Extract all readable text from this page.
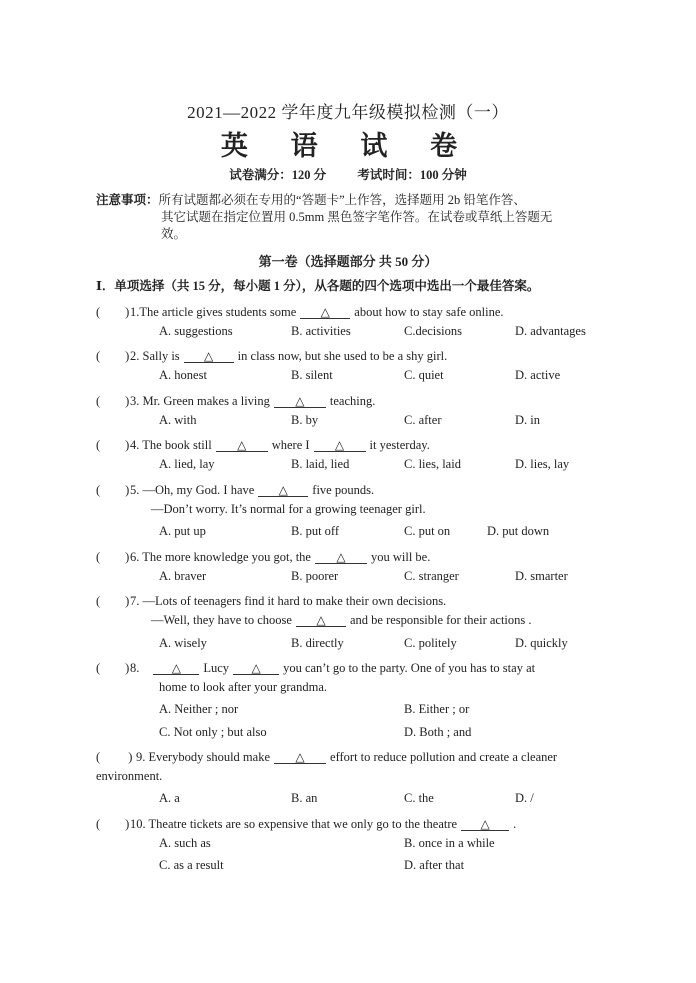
2021—2022 学年度九年级模拟检测（一）
英 语 试 卷
试卷满分：120 分 考试时间：100 分钟
注意事项：所有试题都必须在专用的“答题卡”上作答，选择题用 2b 铅笔作答、
其它试题在指定位置用 0.5mm 黑色签字笔作答。在试卷或草纸上答题无
效。
第一卷（选择题部分 共 50 分）
Ⅰ．单项选择（共 15 分，每小题 1 分），从各题的四个选项中选出一个最佳答案。
(　　)1.The article gives students some △ about how to stay safe online.
A. suggestions	B. activities	C.decisions	D. advantages
(　　)2. Sally is △ in class now, but she used to be a shy girl.
A. honest	B. silent	C. quiet	D. active
(　　)3. Mr. Green makes a living △ teaching.
A. with	B. by	C. after	D. in
(　　)4. The book still △ where I △ it yesterday.
A. lied, lay	B. laid, lied	C. lies, laid	D. lies, lay
(　　)5. —Oh, my God. I have △ five pounds.
—Don’t worry. It’s normal for a growing teenager girl.
A. put up	B. put off	C. put on	D. put down
(　　)6. The more knowledge you got, the △ you will be.
A. braver	B. poorer	C. stranger	D. smarter
(　　)7. —Lots of teenagers find it hard to make their own decisions.
—Well, they have to choose △ and be responsible for their actions .
A. wisely	B. directly	C. politely	D. quickly
(　　)8.	△ Lucy △ you can’t go to the party. One of you has to stay at
home to look after your grandma.
A. Neither ; nor	B. Either ; or
C. Not only ; but also	D. Both ; and
(　　 ) 9. Everybody should make △ effort to reduce pollution and create a cleaner
environment.
A. a	B. an	C. the	D. /
(　　)10. Theatre tickets are so expensive that we only go to the theatre △ .
A. such as	B. once in a while
C. as a result	D. after that
